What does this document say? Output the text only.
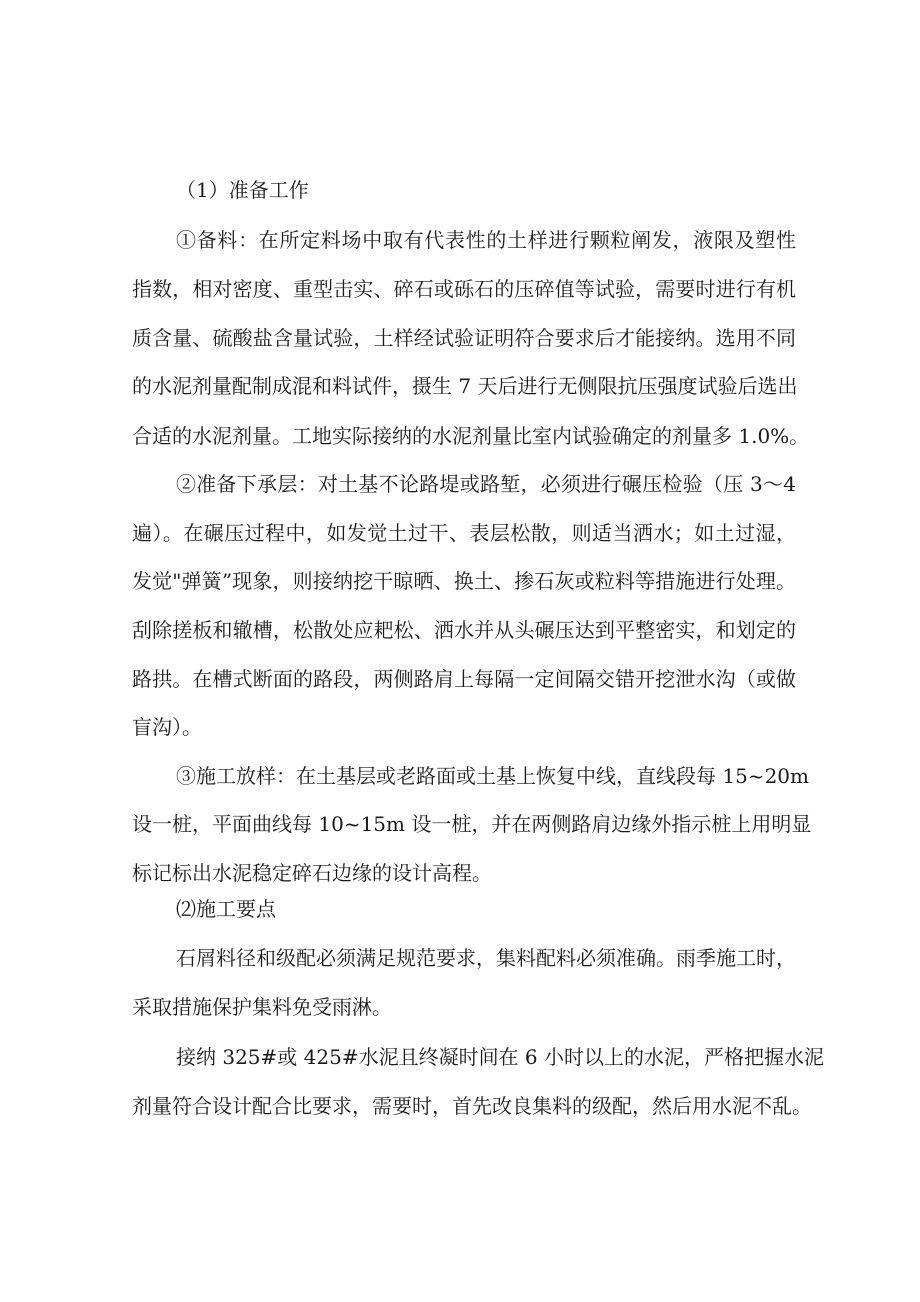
（1）准备工作
①备料：在所定料场中取有代表性的土样进行颗粒阐发，液限及塑性
指数，相对密度、重型击实、碎石或砾石的压碎值等试验，需要时进行有机
质含量、硫酸盐含量试验，土样经试验证明符合要求后才能接纳。选用不同
的水泥剂量配制成混和料试件，摄生 7 天后进行无侧限抗压强度试验后选出
合适的水泥剂量。工地实际接纳的水泥剂量比室内试验确定的剂量多 1.0%。
②准备下承层：对土基不论路堤或路堑，必须进行碾压检验（压 3～4
遍）。在碾压过程中，如发觉土过干、表层松散，则适当洒水；如土过湿，
发觉"弹簧”现象，则接纳挖干晾晒、换土、掺石灰或粒料等措施进行处理。
刮除搓板和辙槽，松散处应耙松、洒水并从头碾压达到平整密实，和划定的
路拱。在槽式断面的路段，两侧路肩上每隔一定间隔交错开挖泄水沟（或做
盲沟）。
③施工放样：在土基层或老路面或土基上恢复中线，直线段每 15~20m
设一桩，平面曲线每 10~15m 设一桩，并在两侧路肩边缘外指示桩上用明显
标记标出水泥稳定碎石边缘的设计高程。
⑵施工要点
石屑料径和级配必须满足规范要求，集料配料必须准确。雨季施工时，
采取措施保护集料免受雨淋。
接纳 325#或 425#水泥且终凝时间在 6 小时以上的水泥，严格把握水泥
剂量符合设计配合比要求，需要时，首先改良集料的级配，然后用水泥不乱。
